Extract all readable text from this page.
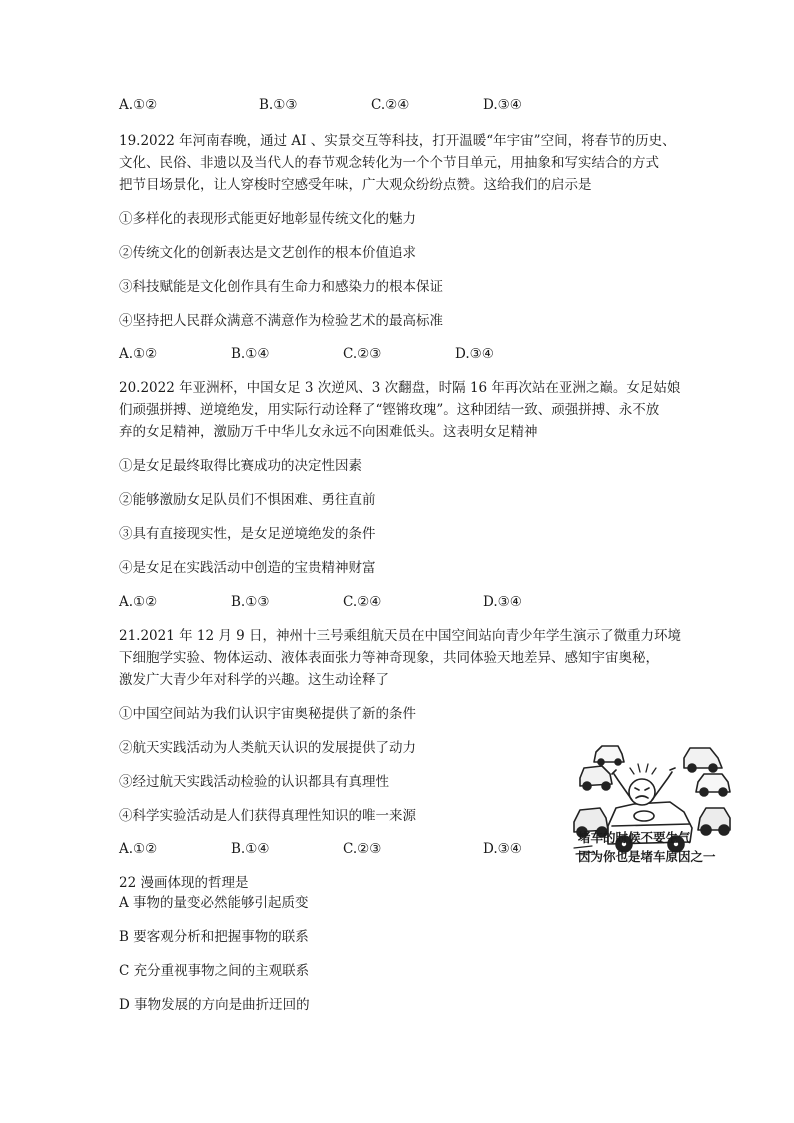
A.①②	B.①③	C.②④	D.③④
19.2022 年河南春晚，通过 AI 、实景交互等科技，打开温暖“年宇宙”空间，将春节的历史、
文化、民俗、非遗以及当代人的春节观念转化为一个个节目单元，用抽象和写实结合的方式
把节目场景化，让人穿梭时空感受年味，广大观众纷纷点赞。这给我们的启示是
①多样化的表现形式能更好地彰显传统文化的魅力
②传统文化的创新表达是文艺创作的根本价值追求
③科技赋能是文化创作具有生命力和感染力的根本保证
④坚持把人民群众满意不满意作为检验艺术的最高标准
A.①②	B.①④	C.②③	D.③④
20.2022 年亚洲杯，中国女足 3 次逆风、3 次翻盘，时隔 16 年再次站在亚洲之巅。女足姑娘
们顽强拼搏、逆境绝发，用实际行动诠释了“铿锵玫瑰”。这种团结一致、顽强拼搏、永不放
弃的女足精神，激励万千中华儿女永远不向困难低头。这表明女足精神
①是女足最终取得比赛成功的决定性因素
②能够激励女足队员们不惧困难、勇往直前
③具有直接现实性，是女足逆境绝发的条件
④是女足在实践活动中创造的宝贵精神财富
A.①②	B.①③	C.②④	D.③④
21.2021 年 12 月 9 日，神州十三号乘组航天员在中国空间站向青少年学生演示了微重力环境
下细胞学实验、物体运动、液体表面张力等神奇现象，共同体验天地差异、感知宇宙奥秘，
激发广大青少年对科学的兴趣。这生动诠释了
①中国空间站为我们认识宇宙奥秘提供了新的条件
②航天实践活动为人类航天认识的发展提供了动力
③经过航天实践活动检验的认识都具有真理性
④科学实验活动是人们获得真理性知识的唯一来源
A.①②	B.①④	C.②③	D.③④
堵车的时候不要生气
因为你也是堵车原因之一
22 漫画体现的哲理是
A 事物的量变必然能够引起质变
B 要客观分析和把握事物的联系
C 充分重视事物之间的主观联系
D 事物发展的方向是曲折迂回的
